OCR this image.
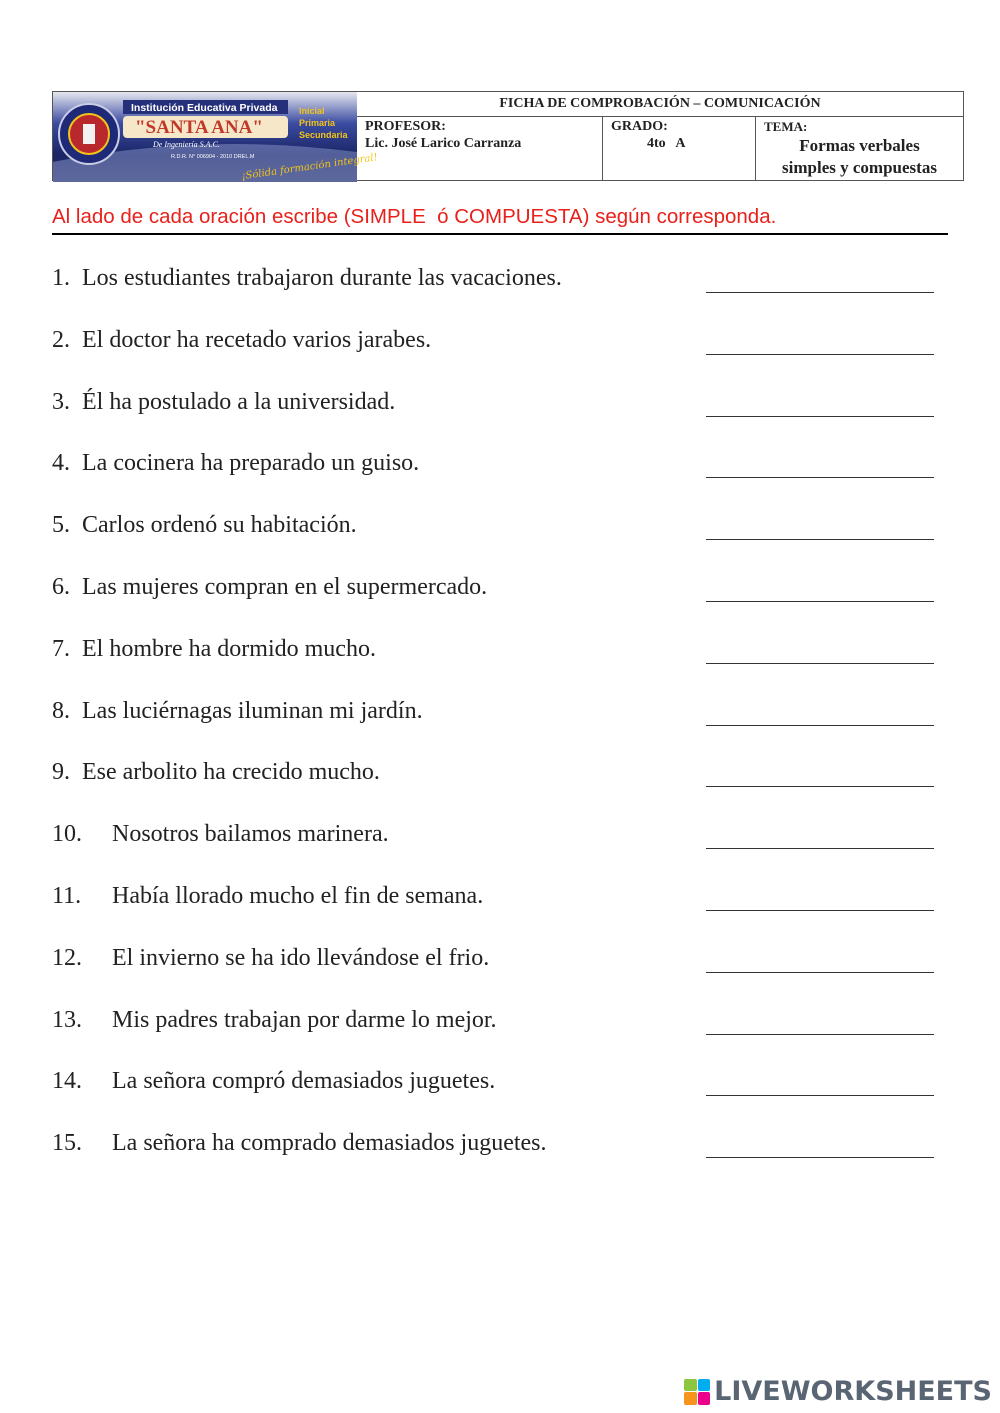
Institución Educativa Privada
"SANTA ANA"
De Ingeniería S.A.C.
R.D.R. N° 006904 - 2010 DREL.M
Inicial
Primaria
Secundaria
¡Sólida formación integral!
FICHA DE COMPROBACIÓN – COMUNICACIÓN
PROFESOR:
Lic. José Larico Carranza
GRADO:
4to   A
TEMA:
Formas verbales
simples y compuestas
Al lado de cada oración escribe (SIMPLE  ó COMPUESTA) según corresponda.
1. Los estudiantes trabajaron durante las vacaciones.
2. El doctor ha recetado varios jarabes.
3. Él ha postulado a la universidad.
4. La cocinera ha preparado un guiso.
5. Carlos ordenó su habitación.
6. Las mujeres compran en el supermercado.
7. El hombre ha dormido mucho.
8. Las luciérnagas iluminan mi jardín.
9. Ese arbolito ha crecido mucho.
10. Nosotros bailamos marinera.
11. Había llorado mucho el fin de semana.
12. El invierno se ha ido llevándose el frio.
13. Mis padres trabajan por darme lo mejor.
14. La señora compró demasiados juguetes.
15. La señora ha comprado demasiados juguetes.
LIVEWORKSHEETS
